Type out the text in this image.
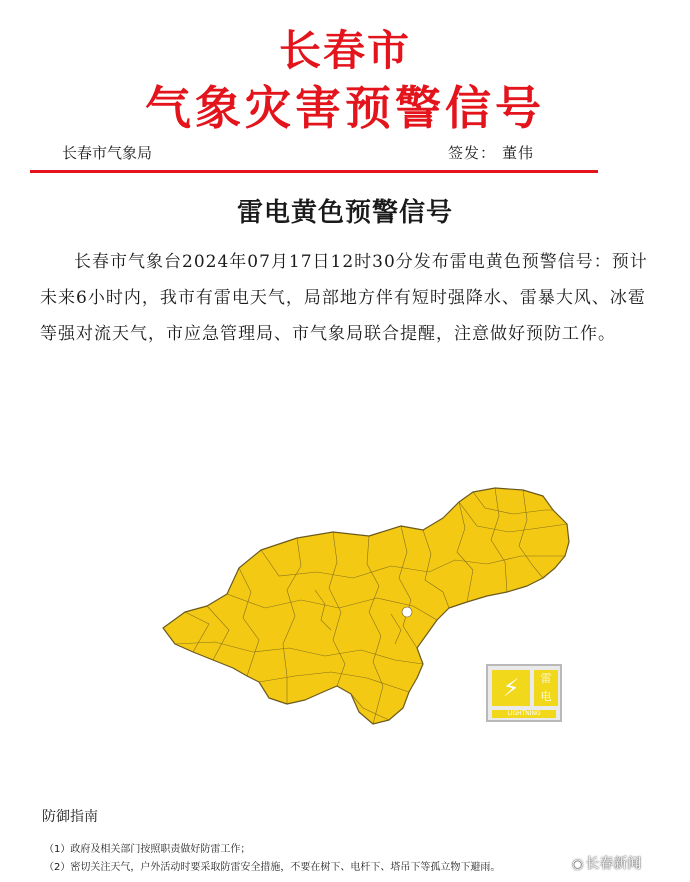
长春市
气象灾害预警信号
长春市气象局	签发： 董伟
雷电黄色预警信号

长春市气象台2024年07月17日12时30分发布雷电黄色预警信号：预计未来6小时内，我市有雷电天气，局部地方伴有短时强降水、雷暴大风、冰雹等强对流天气，市应急管理局、市气象局联合提醒，注意做好预防工作。

⚡	雷
电
LIGHTNING
防御指南
（1）政府及相关部门按照职责做好防雷工作；
（2）密切关注天气，户外活动时要采取防雷安全措施，不要在树下、电杆下、塔吊下等孤立物下避雨。	◉ 长春新闻
